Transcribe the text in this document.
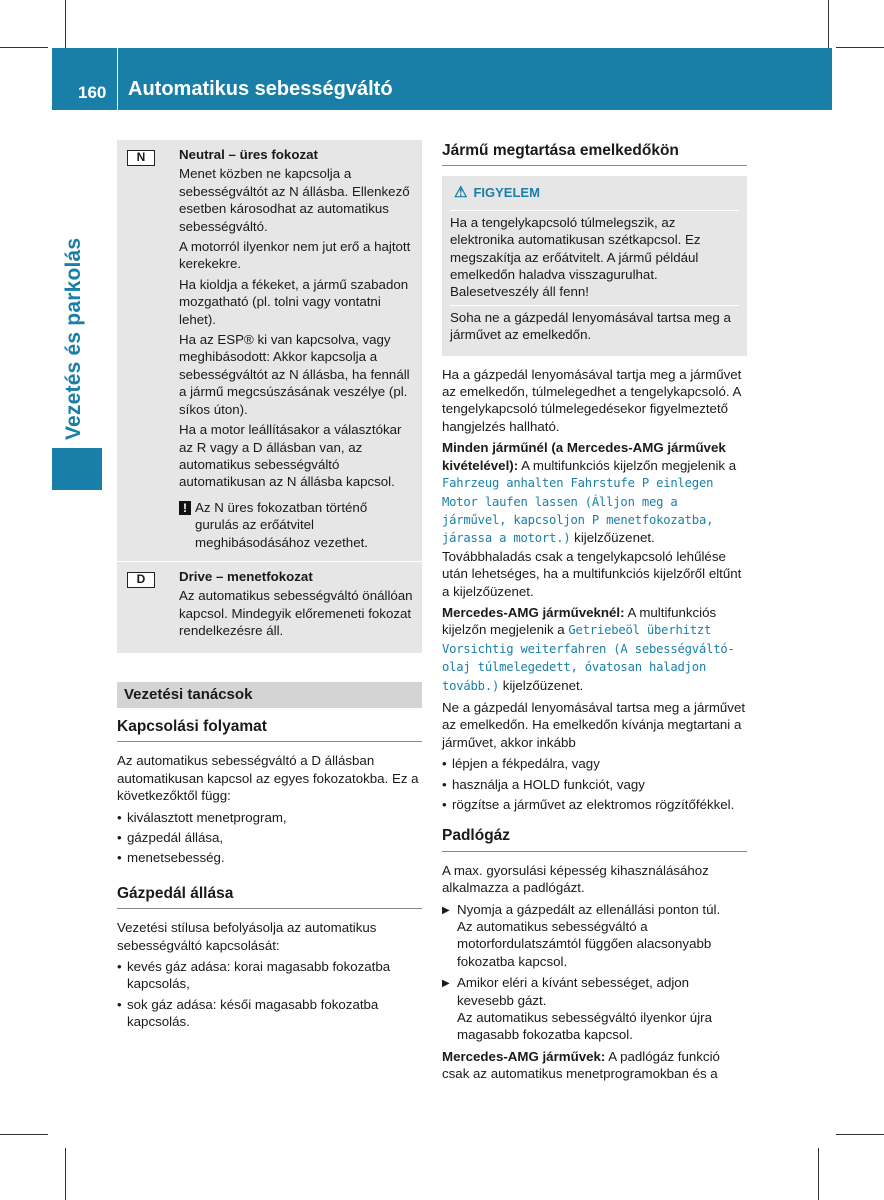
160 Automatikus sebességváltó
Vezetés és parkolás
N	Neutral – üres fokozat

Menet közben ne kapcsolja a sebességváltót az N állásba. Ellenkező esetben károsodhat az automatikus sebességváltó.

A motorról ilyenkor nem jut erő a hajtott kerekekre.

Ha kioldja a fékeket, a jármű szabadon mozgatható (pl. tolni vagy vontatni lehet).

Ha az ESP® ki van kapcsolva, vagy meghibásodott: Akkor kapcsolja a sebességváltót az N állásba, ha fennáll a jármű megcsúszásának veszélye (pl. síkos úton).

Ha a motor leállításakor a választókar az R vagy a D állásban van, az automatikus sebességváltó automatikusan az N állásba kapcsol.

! Az N üres fokozatban történő gurulás az erőátvitel meghibásodásához vezethet.
D	Drive – menetfokozat

Az automatikus sebességváltó önállóan kapcsol. Mindegyik előremeneti fokozat rendelkezésre áll.

Vezetési tanácsok
Kapcsolási folyamat

Az automatikus sebességváltó a D állásban automatikusan kapcsol az egyes fokozatokba. Ez a következőktől függ:

• kiválasztott menetprogram,
• gázpedál állása,
• menetsebesség.
Gázpedál állása

Vezetési stílusa befolyásolja az automatikus sebességváltó kapcsolását:

• kevés gáz adása: korai magasabb fokozatba kapcsolás,
• sok gáz adása: késői magasabb fokozatba kapcsolás.
Jármű megtartása emelkedőkön
⚠ FIGYELEM

Ha a tengelykapcsoló túlmelegszik, az elektronika automatikusan szétkapcsol. Ez megszakítja az erőátvitelt. A jármű például emelkedőn haladva visszagurulhat. Balesetveszély áll fenn!

Soha ne a gázpedál lenyomásával tartsa meg a járművet az emelkedőn.

Ha a gázpedál lenyomásával tartja meg a járművet az emelkedőn, túlmelegedhet a tengelykapcsoló. A tengelykapcsoló túlmelegedésekor figyelmeztető hangjelzés hallható.

Minden járműnél (a Mercedes-AMG járművek kivételével): A multifunkciós kijelzőn megjelenik a Fahrzeug anhalten Fahrstufe P einlegen Motor laufen lassen (Álljon meg a járművel, kapcsoljon P menetfokozatba, járassa a motort.) kijelzőüzenet. Továbbhaladás csak a tengelykapcsoló lehűlése után lehetséges, ha a multifunkciós kijelzőről eltűnt a kijelzőüzenet.

Mercedes-AMG járműveknél: A multifunkciós kijelzőn megjelenik a Getriebeöl überhitzt Vorsichtig weiterfahren (A sebességváltó-olaj túlmelegedett, óvatosan haladjon tovább.) kijelzőüzenet.

Ne a gázpedál lenyomásával tartsa meg a járművet az emelkedőn. Ha emelkedőn kívánja megtartani a járművet, akkor inkább

• lépjen a fékpedálra, vagy
• használja a HOLD funkciót, vagy
• rögzítse a járművet az elektromos rögzítőfékkel.
Padlógáz

A max. gyorsulási képesség kihasználásához alkalmazza a padlógázt.

▶ Nyomja a gázpedált az ellenállási ponton túl.
Az automatikus sebességváltó a motorfordulatszámtól függően alacsonyabb fokozatba kapcsol.
▶ Amikor eléri a kívánt sebességet, adjon kevesebb gázt.
Az automatikus sebességváltó ilyenkor újra magasabb fokozatba kapcsol.

Mercedes-AMG járművek: A padlógáz funkció csak az automatikus menetprogramokban és a
